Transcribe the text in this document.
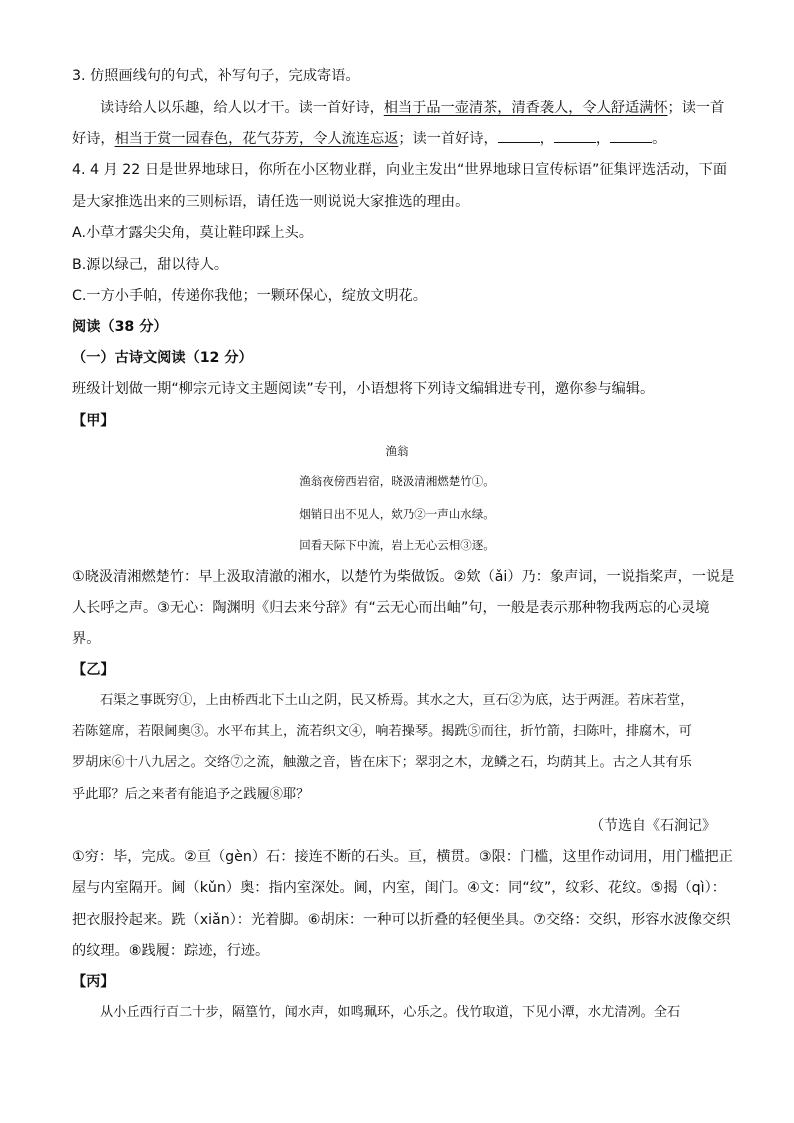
3. 仿照画线句的句式，补写句子，完成寄语。
读诗给人以乐趣，给人以才干。读一首好诗，相当于品一壶清茶，清香袭人，令人舒适满怀；读一首
好诗，相当于赏一园春色，花气芬芳，令人流连忘返；读一首好诗，	，	，	。
4. 4 月 22 日是世界地球日，你所在小区物业群，向业主发出“世界地球日宣传标语”征集评选活动，下面
是大家推选出来的三则标语，请任选一则说说大家推选的理由。
A.小草才露尖尖角，莫让鞋印踩上头。
B.源以绿己，甜以待人。
C.一方小手帕，传递你我他；一颗环保心，绽放文明花。
阅读（38 分）
（一）古诗文阅读（12 分）
班级计划做一期“柳宗元诗文主题阅读”专刊，小语想将下列诗文编辑进专刊，邀你参与编辑。
【甲】
渔翁
渔翁夜傍西岩宿，晓汲清湘燃楚竹①。
烟销日出不见人，欸乃②一声山水绿。
回看天际下中流，岩上无心云相③逐。
①晓汲清湘燃楚竹：早上汲取清澈的湘水，以楚竹为柴做饭。②欸（ǎi）乃：象声词，一说指桨声，一说是
人长呼之声。③无心：陶渊明《归去来兮辞》有“云无心而出岫”句，一般是表示那种物我两忘的心灵境
界。
【乙】
石渠之事既穷①，上由桥西北下土山之阴，民又桥焉。其水之大，亘石②为底，达于两涯。若床若堂，
若陈筵席，若限阃奥③。水平布其上，流若织文④，响若操琴。揭跣⑤而往，折竹箭，扫陈叶，排腐木，可
罗胡床⑥十八九居之。交络⑦之流，触激之音，皆在床下；翠羽之木，龙鳞之石，均荫其上。古之人其有乐
乎此耶？后之来者有能追予之践履⑧耶？
（节选自《石涧记》
①穷：毕，完成。②亘（gèn）石：接连不断的石头。亘，横贯。③限：门槛，这里作动词用，用门槛把正
屋与内室隔开。阃（kǔn）奥：指内室深处。阃，内室，闺门。④文：同“纹”，纹彩、花纹。⑤揭（qì）：
把衣服拎起来。跣（xiǎn）：光着脚。⑥胡床：一种可以折叠的轻便坐具。⑦交络：交织，形容水波像交织
的纹理。⑧践履：踪迹，行迹。
【丙】
从小丘西行百二十步，隔篁竹，闻水声，如鸣珮环，心乐之。伐竹取道，下见小潭，水尤清冽。全石
